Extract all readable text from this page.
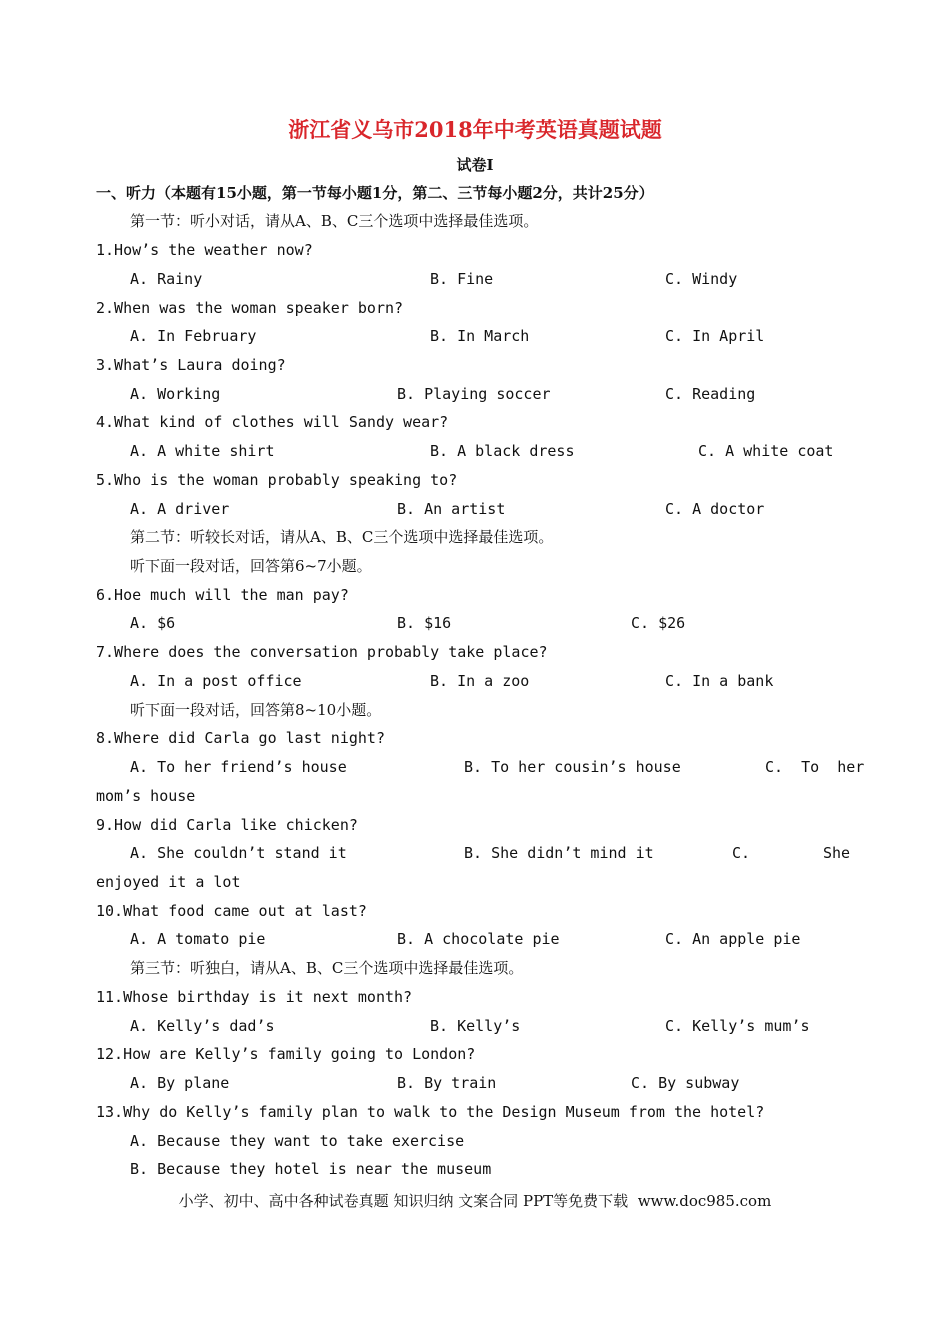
浙江省义乌市2018年中考英语真题试题
试卷Ⅰ
一、听力（本题有15小题，第一节每小题1分，第二、三节每小题2分，共计25分）
第一节：听小对话，请从A、B、C三个选项中选择最佳选项。
1.How’s the weather now?
A. Rainy	B. Fine	C. Windy
2.When was the woman speaker born?
A. In February	B. In March	C. In April
3.What’s Laura doing?
A. Working	B. Playing soccer	C. Reading
4.What kind of clothes will Sandy wear?
A. A white shirt	B. A black dress	C. A white coat
5.Who is the woman probably speaking to?
A. A driver	B. An artist	C. A doctor
第二节：听较长对话，请从A、B、C三个选项中选择最佳选项。
听下面一段对话，回答第6~7小题。
6.Hoe much will the man pay?
A. $6	B. $16	C. $26
7.Where does the conversation probably take place?
A. In a post office	B. In a zoo	C. In a bank
听下面一段对话，回答第8~10小题。
8.Where did Carla go last night?
A. To her friend’s house	B. To her cousin’s house	C.  To  her
mom’s house
9.How did Carla like chicken?
A. She couldn’t stand it	B. She didn’t mind it	C.	She
enjoyed it a lot
10.What food came out at last?
A. A tomato pie	B. A chocolate pie	C. An apple pie
第三节：听独白，请从A、B、C三个选项中选择最佳选项。
11.Whose birthday is it next month?
A. Kelly’s dad’s	B. Kelly’s	C. Kelly’s mum’s
12.How are Kelly’s family going to London?
A. By plane	B. By train	C. By subway
13.Why do Kelly’s family plan to walk to the Design Museum from the hotel?
A. Because they want to take exercise
B. Because they hotel is near the museum
小学、初中、高中各种试卷真题 知识归纳 文案合同 PPT等免费下载  www.doc985.com
